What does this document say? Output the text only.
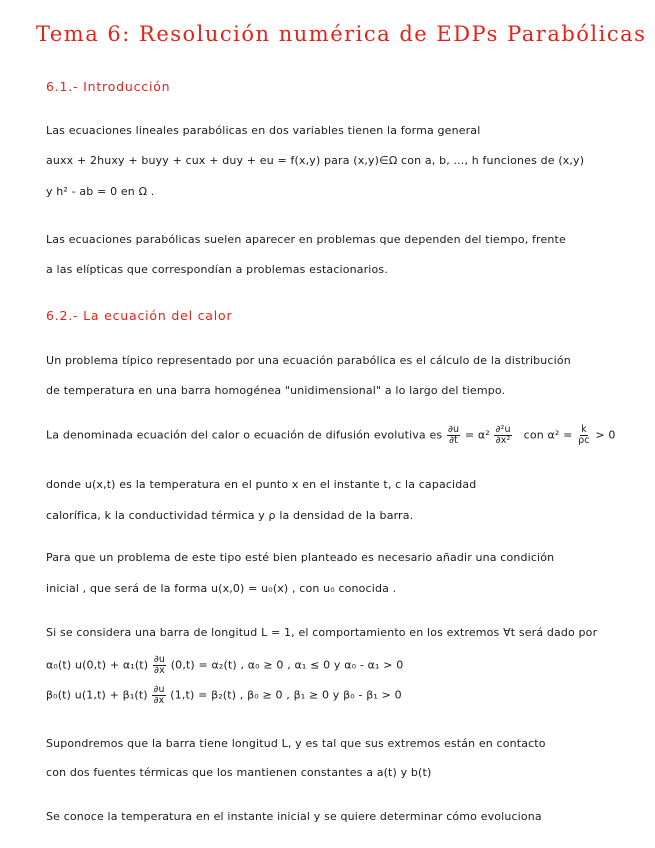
Tema 6: Resolución numérica de EDPs Parabólicas
6.1.- Introducción
Las ecuaciones lineales parabólicas en dos variables tienen la forma general
auxx + 2huxy + buyy + cux + duy + eu = f(x,y) para (x,y)∈Ω con a, b, ..., h funciones de (x,y)
y h² - ab = 0 en Ω .
Las ecuaciones parabólicas suelen aparecer en problemas que dependen del tiempo, frente
a las elípticas que correspondían a problemas estacionarios.
6.2.- La ecuación del calor
Un problema típico representado por una ecuación parabólica es el cálculo de la distribución
de temperatura en una barra homogénea "unidimensional" a lo largo del tiempo.
La denominada ecuación del calor o ecuación de difusión evolutiva es $\frac{\partial u}{\partial t} = \alpha^2 \frac{\text{∂²u}}{\text{∂x²}}$ con $\alpha^2 = \frac{k}{\rho c} > 0$
donde u(x,t) es la temperatura en el punto x en el instante t, c la capacidad
calorífica, k la conductividad térmica y ρ la densidad de la barra.
Para que un problema de este tipo esté bien planteado es necesario añadir una condición
inicial , que será de la forma u(x,0) = u₀(x) , con u₀ conocida .
Si se considera una barra de longitud L = 1, el comportamiento en los extremos ∀t será dado por
α₀(t) $u(0,t) + \alpha_1(t) \frac{\partial u}{\partial x} (0,t) = \alpha_2(t)$ , α₀ ≥ 0 , α₁ ≤ 0 y α₀ - α₁ > 0
β₀(t) $u(1,t) + \beta_1(t) \frac{\partial u}{\partial x} (1,t) = \beta_2(t)$ , β₀ ≥ 0 , β₁ ≥ 0 y β₀ - β₁ > 0
Supondremos que la barra tiene longitud L, y es tal que sus extremos están en contacto
con dos fuentes térmicas que los mantienen constantes a a(t) y b(t)
Se conoce la temperatura en el instante inicial y se quiere determinar cómo evoluciona
